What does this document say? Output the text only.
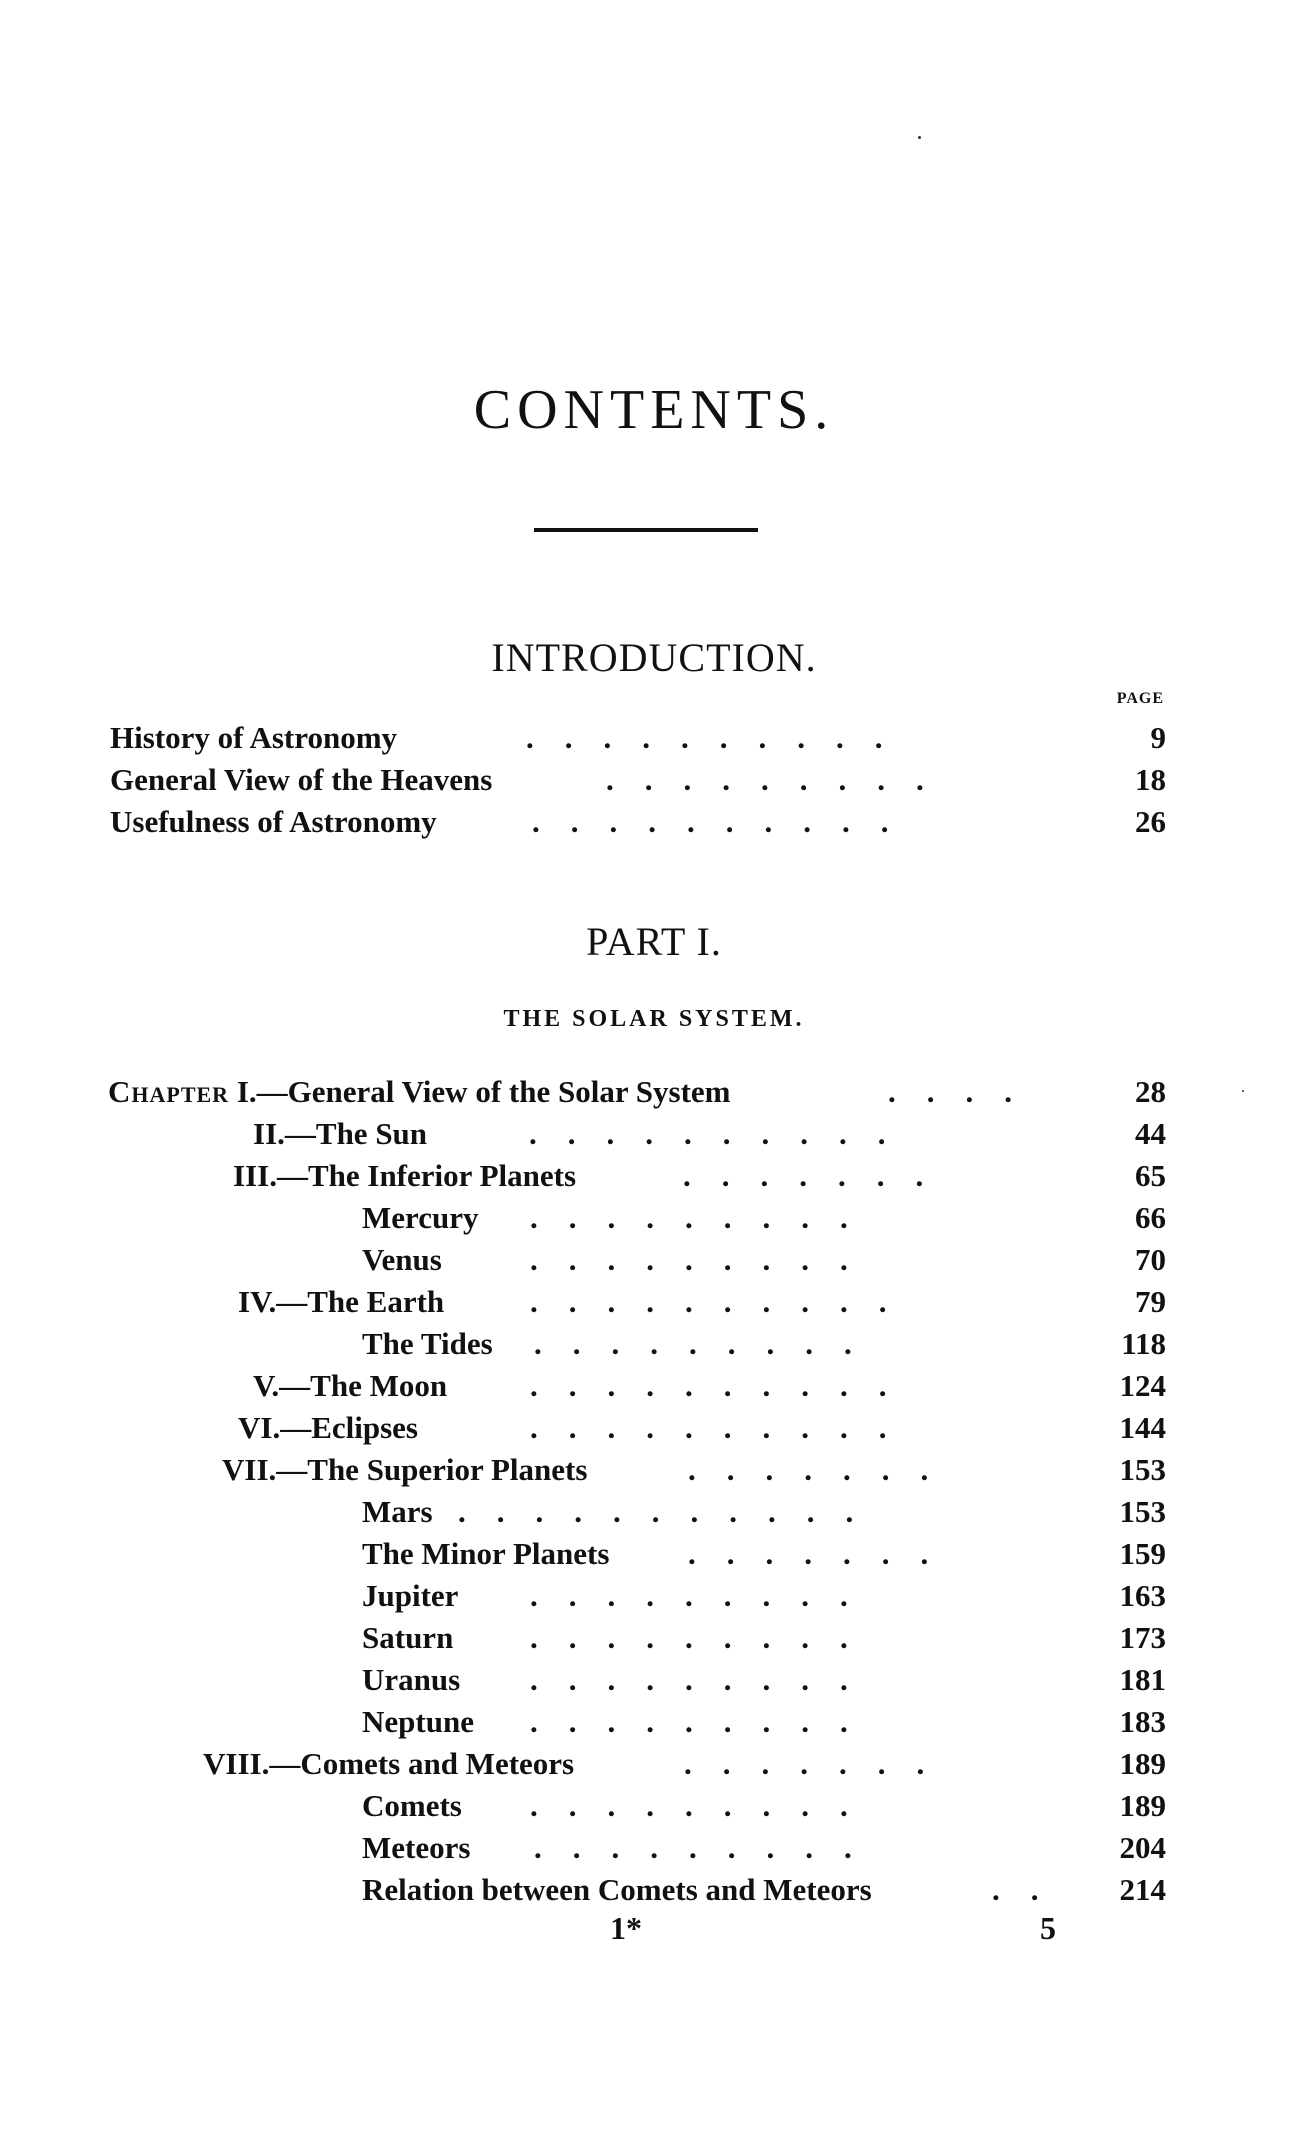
CONTENTS.
INTRODUCTION.
PAGE
History of Astronomy	.    .    .    .    .    .    .    .    .    .	9
General View of the Heavens	.    .    .    .    .    .    .    .    .	18
Usefulness of Astronomy	.    .    .    .    .    .    .    .    .    .	26
PART I.
THE SOLAR SYSTEM.
Chapter I.—General View of the Solar System	.    .    .    .	28
II.—The Sun	.    .    .    .    .    .    .    .    .    .	44
III.—The Inferior Planets	.    .    .    .    .    .    .	65
Mercury .    .    .    .    .    .    .    .    .	66
Venus	.    .    .    .    .    .    .    .    .	70
IV.—The Earth	.    .    .    .    .    .    .    .    .    .	79
The Tides .    .    .    .    .    .    .    .    .	118
V.—The Moon	.    .    .    .    .    .    .    .    .    .	124
VI.—Eclipses	.    .    .    .    .    .    .    .    .    .	144
VII.—The Superior Planets	.    .    .    .    .    .    .	153
Mars .    .    .    .    .    .    .    .    .    .    .	153
The Minor Planets	.    .    .    .    .    .    .	159
Jupiter .    .    .    .    .    .    .    .    .	163
Saturn .    .    .    .    .    .    .    .    .	173
Uranus .    .    .    .    .    .    .    .    .	181
Neptune .    .    .    .    .    .    .    .    .	183
VIII.—Comets and Meteors	.    .    .    .    .    .    .	189
Comets .    .    .    .    .    .    .    .    .	189
Meteors .    .    .    .    .    .    .    .    .	204
Relation between Comets and Meteors	.    .	214
1*	5
